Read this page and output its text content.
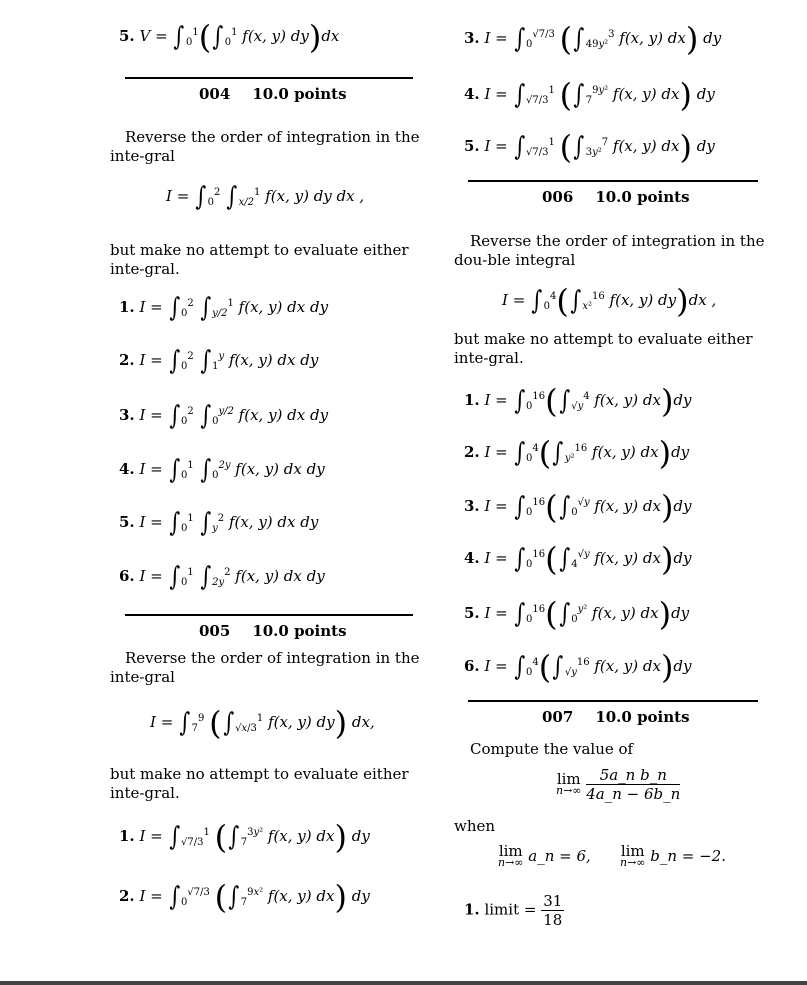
5. $V = \int_0^1(\int_0^1$ f(x, y) dy)dx
004 10.0 points
Reverse the order of integration in the inte-gral
$I = \int_0^2$ $\int_{x/2}^1$ f(x, y) dy dx ,
but make no attempt to evaluate either inte-gral.
1. $I = \int_0^2$ $\int_{y/2}^1$ f(x, y) dx dy
2. $I = \int_0^2$ $\int_1^y$ f(x, y) dx dy
3. $I = \int_0^2$ $\int_0^{y/2}$ f(x, y) dx dy
4. $I = \int_0^1$ $\int_0^{2y}$ f(x, y) dx dy
5. $I = \int_0^1$ $\int_y^2$ f(x, y) dx dy
6. $I = \int_0^1$ $\int_{2y}^2$ f(x, y) dx dy
005 10.0 points
Reverse the order of integration in the inte-gral
$I = \int_7^9$ ($\int_{√x/3}^1$ f(x, y) dy) dx,
but make no attempt to evaluate either inte-gral.
1. $I = \int_{√7/3}^1$ ($\int_7^{3y^2}$ f(x, y) dx) dy
2. $I = \int_0^{√7/3}$ ($\int_7^{9x^2}$ f(x, y) dx) dy
3. $I = \int_0^{√7/3}$ ($\int_{49y^2}^3$ f(x, y) dx) dy
4. $I = \int_{√7/3}^1$ ($\int_7^{9y^2}$ f(x, y) dx) dy
5. $I = \int_{√7/3}^1$ ($\int_{3y^2}^7$ f(x, y) dx) dy
006 10.0 points
Reverse the order of integration in the dou-ble integral
$I = \int_0^4(\int_{x^2}^{16}$ f(x, y) dy)dx ,
but make no attempt to evaluate either inte-gral.
1. $I = \int_0^{16}(\int_{√y}^4$ f(x, y) dx)dy
2. $I = \int_0^4(\int_{y^2}^{16}$ f(x, y) dx)dy
3. $I = \int_0^{16}(\int_0^{√y}$ f(x, y) dx)dy
4. $I = \int_0^{16}(\int_4^{√y}$ f(x, y) dx)dy
5. $I = \int_0^{16}(\int_0^{y^2}$ f(x, y) dx)dy
6. $I = \int_0^4(\int_{√y}^{16}$ f(x, y) dx)dy
007 10.0 points
Compute the value of
lim
n→∞
$\frac{\text{5a\_n b\_n}}{4a\_n - 6b\_n}$
when
lim
n→∞ a_n = 6, lim
n→∞ b_n = −2.
1. limit = $\frac{31}{18}$
